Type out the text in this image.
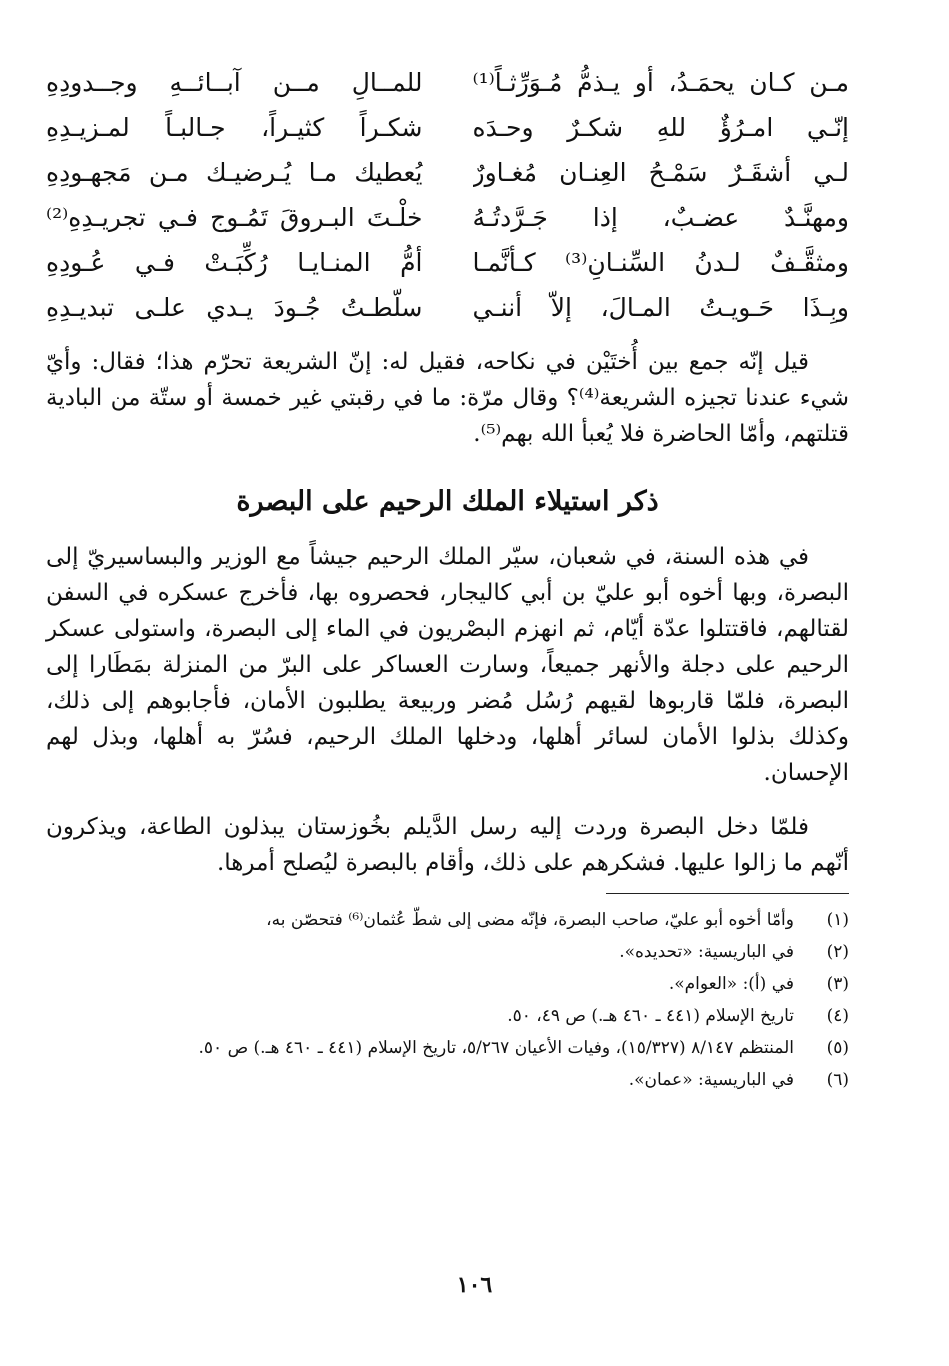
مـن كـان يحمَـدُ، أو يـذمُّ مُـوَرِّثـاً⁽¹⁾
للمــالِ مــن آبــائــهِ وجــدودِهِ
إنّـي امـرُؤٌ للهِ شكـرٌ وحـدَه
شكـراً كثيـراً، جـالبـاً لمـزيـدِهِ
لـي أشقَـرٌ سَمْـحُ العِنـان مُغـاورٌ
يُعطيك مـا يُـرضيـك مـن مَجهـودِهِ
ومهنَّـدٌ عضـبٌ، إذا جَـرَّدتُـهُ
خلْـتَ البـروقَ تَمُـوج فـي تجريـدِهِ⁽²⁾
ومثقَّـفٌ لـدنُ السِّنـانِ⁽³⁾ كـأنَّمـا
أمُّ المنـايـا رُكِّبَـتْ فـي عُـودِهِ
وبِـذَا حَـويـتُ المـالَ، إلاّ أننـي
سلّطـتُ جُـودَ يـدي علـى تبديـدِهِ

قيل إنّه جمع بين أُختَيْن في نكاحه، فقيل له: إنّ الشريعة تحرّم هذا؛ فقال: وأيّ شيء عندنا تجيزه الشريعة⁽⁴⁾؟ وقال مرّة: ما في رقبتي غير خمسة أو ستّة من البادية قتلتهم، وأمّا الحاضرة فلا يُعبأ الله بهم⁽⁵⁾.

ذكر استيلاء الملك الرحيم على البصرة

في هذه السنة، في شعبان، سيّر الملك الرحيم جيشاً مع الوزير والبساسيريّ إلى البصرة، وبها أخوه أبو عليّ بن أبي كاليجار، فحصروه بها، فأخرج عسكره في السفن لقتالهم، فاقتتلوا عدّة أيّام، ثم انهزم البصْريون في الماء إلى البصرة، واستولى عسكر الرحيم على دجلة والأنهر جميعاً، وسارت العساكر على البرّ من المنزلة بمَطَارا إلى البصرة، فلمّا قاربوها لقيهم رُسُل مُضر وربيعة يطلبون الأمان، فأجابوهم إلى ذلك، وكذلك بذلوا الأمان لسائر أهلها، ودخلها الملك الرحيم، فسُرّ به أهلها، وبذل لهم الإحسان.

فلمّا دخل البصرة وردت إليه رسل الدَّيلم بخُوزستان يبذلون الطاعة، ويذكرون أنّهم ما زالوا عليها. فشكرهم على ذلك، وأقام بالبصرة ليُصلح أمرها.

(١)
وأمّا أخوه أبو عليّ، صاحب البصرة، فإنّه مضى إلى شطّ عُثمان⁽⁶⁾ فتحصّن به،
(٢)
في الباريسية: «تحديده».
(٣)
في (أ): «العوام».
(٤)
تاريخ الإسلام (٤٤١ ـ ٤٦٠ هـ.) ص ٤٩، ٥٠.
(٥)
المنتظم ٨/١٤٧ (١٥/٣٢٧)، وفيات الأعيان ٥/٢٦٧، تاريخ الإسلام (٤٤١ ـ ٤٦٠ هـ.) ص ٥٠.
(٦)
في الباريسية: «عمان».
١٠٦
